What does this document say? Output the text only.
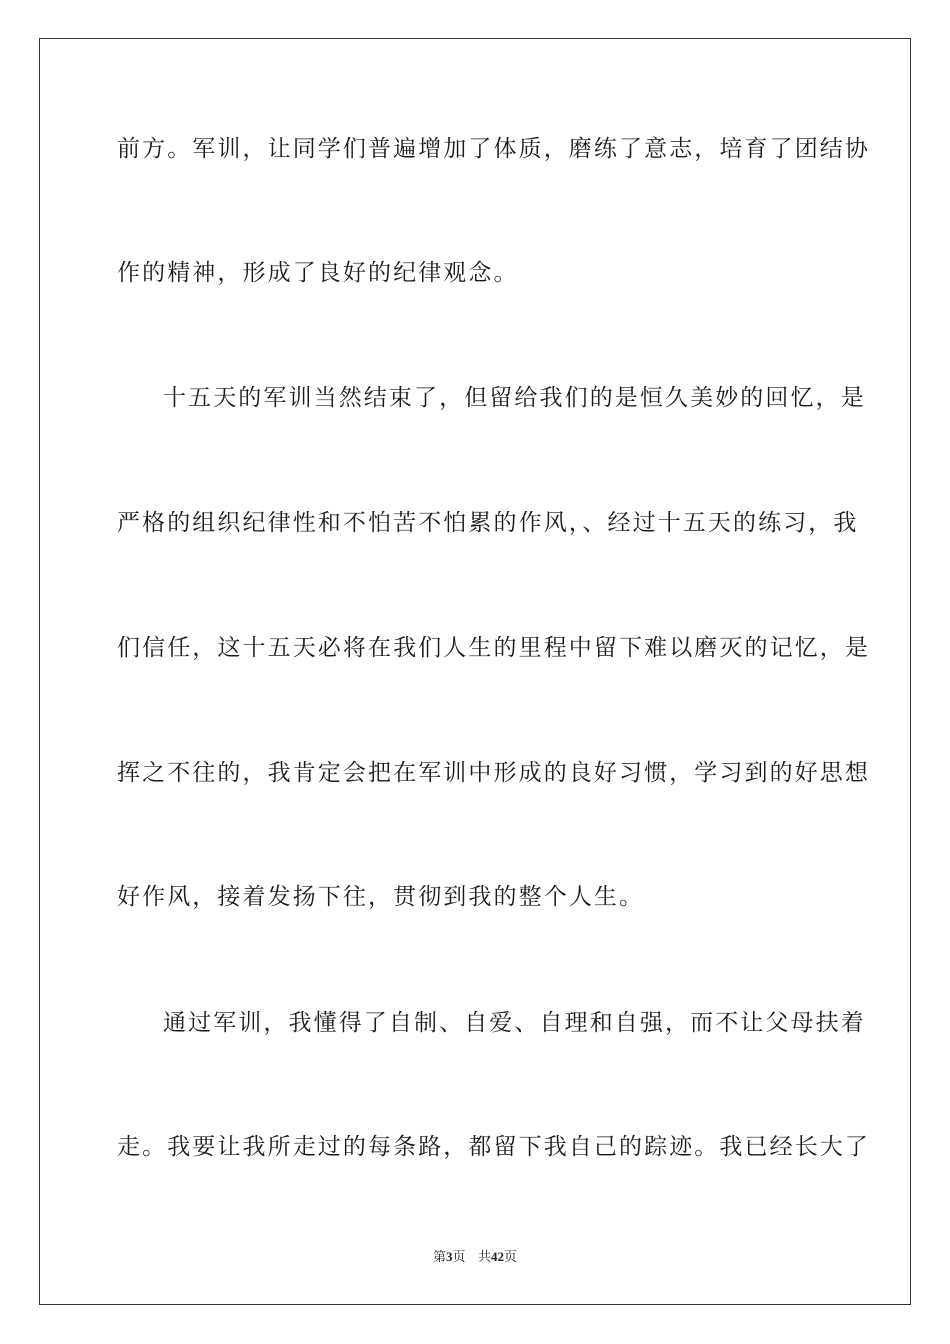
前方。军训，让同学们普遍增加了体质，磨练了意志，培育了团结协
作的精神，形成了良好的纪律观念。
十五天的军训当然结束了，但留给我们的是恒久美妙的回忆，是
严格的组织纪律性和不怕苦不怕累的作风，、经过十五天的练习，我
们信任，这十五天必将在我们人生的里程中留下难以磨灭的记忆，是
挥之不往的，我肯定会把在军训中形成的良好习惯，学习到的好思想
好作风，接着发扬下往，贯彻到我的整个人生。
通过军训，我懂得了自制、自爱、自理和自强，而不让父母扶着
走。我要让我所走过的每条路，都留下我自己的踪迹。我已经长大了
第3页 共42页
